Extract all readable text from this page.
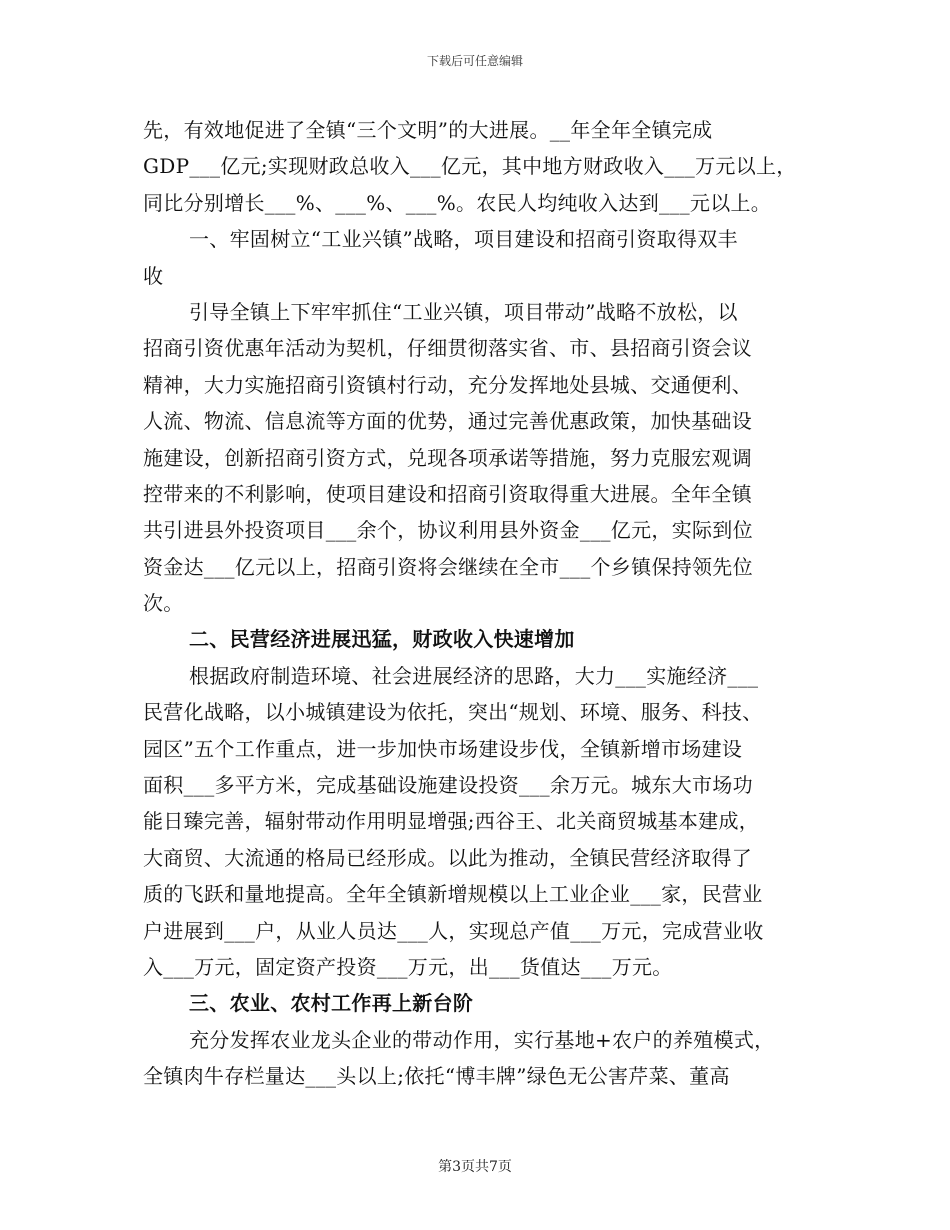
下载后可任意编辑
先，有效地促进了全镇“三个文明”的大进展。__年全年全镇完成
GDP___亿元;实现财政总收入___亿元，其中地方财政收入___万元以上，
同比分别增长___%、___%、___%。农民人均纯收入达到___元以上。
一、牢固树立“工业兴镇”战略，项目建设和招商引资取得双丰
收
引导全镇上下牢牢抓住“工业兴镇，项目带动”战略不放松，以
招商引资优惠年活动为契机，仔细贯彻落实省、市、县招商引资会议
精神，大力实施招商引资镇村行动，充分发挥地处县城、交通便利、
人流、物流、信息流等方面的优势，通过完善优惠政策，加快基础设
施建设，创新招商引资方式，兑现各项承诺等措施，努力克服宏观调
控带来的不利影响，使项目建设和招商引资取得重大进展。全年全镇
共引进县外投资项目___余个，协议利用县外资金___亿元，实际到位
资金达___亿元以上，招商引资将会继续在全市___个乡镇保持领先位
次。
二、民营经济进展迅猛，财政收入快速增加
根据政府制造环境、社会进展经济的思路，大力___实施经济___
民营化战略，以小城镇建设为依托，突出“规划、环境、服务、科技、
园区”五个工作重点，进一步加快市场建设步伐，全镇新增市场建设
面积___多平方米，完成基础设施建设投资___余万元。城东大市场功
能日臻完善，辐射带动作用明显增强;西谷王、北关商贸城基本建成，
大商贸、大流通的格局已经形成。以此为推动，全镇民营经济取得了
质的飞跃和量地提高。全年全镇新增规模以上工业企业___家，民营业
户进展到___户，从业人员达___人，实现总产值___万元，完成营业收
入___万元，固定资产投资___万元，出___货值达___万元。
三、农业、农村工作再上新台阶
充分发挥农业龙头企业的带动作用，实行基地+农户的养殖模式，
全镇肉牛存栏量达___头以上;依托“博丰牌”绿色无公害芹菜、董高
第3页共7页
